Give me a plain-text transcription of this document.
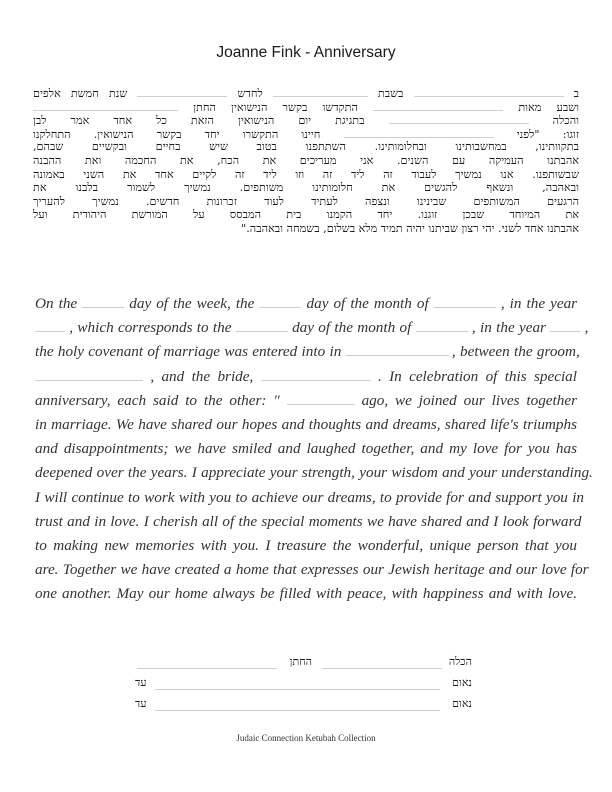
Joanne Fink - Anniversary
ב  בשבת  לחדש  שנת חמשת אלפים
ושבע מאות  התקדשו בקשר הנישואין החתן
והכלה  בתגיגת יום הנישואין הזאת כל אחד אמר לבן
זוגו: "לפני  חיינו התקשרו יחד בקשר הנישואין. התחלקנו
בתקוותינו, במחשבותינו ובחלומותינו. השתתפנו בטוב שיש בחיים ובקשיים שבהם,
אהבתנו העמיקה עם השנים. אני מעריכים את הכח, את החכמה ואת ההבנה
שבשותפנו. אנו נמשיך לעבוד זה ליד זה וזו ליד זה לקיים אחד את השני באמונה
ובאהבה, ונשאף להגשים את חלומותינו משותפים. נמשיך לשמור בלבנו את
הרגעים המשותפים שבינינו ונצפה לעתיד לעוד זכרונות חדשים. נמשיך להעריך
את המיוחד שבכן זוגנו. יחד הקמנו בית המבסס על המורשת היהודית ועל
אהבתנו אחד לשני. יהי רצון שביתנו יהיה תמיד מלא בשלום, בשמחה ובאהבה."
On the	day of the week, the	day of the month of	, in the year
, which corresponds to the	day of the month of	, in the year	,
the holy covenant of marriage was entered into in	, between the groom,
, and the bride,	. In celebration of this special
anniversary, each said to the other: "	ago, we joined our lives together
in marriage. We have shared our hopes and thoughts and dreams, shared life's triumphs
and disappointments; we have smiled and laughed together, and my love for you has
deepened over the years. I appreciate your strength, your wisdom and your understanding.
I will continue to work with you to achieve our dreams, to provide for and support you in
trust and in love. I cherish all of the special moments we have shared and I look forward
to making new memories with you. I treasure the wonderful, unique person that you
are. Together we have created a home that expresses our Jewish heritage and our love for
one another. May our home always be filled with peace, with happiness and with love.
הכלה
החתן
נאום
עד
נאום
עד
Judaic Connection Ketubah Collection
